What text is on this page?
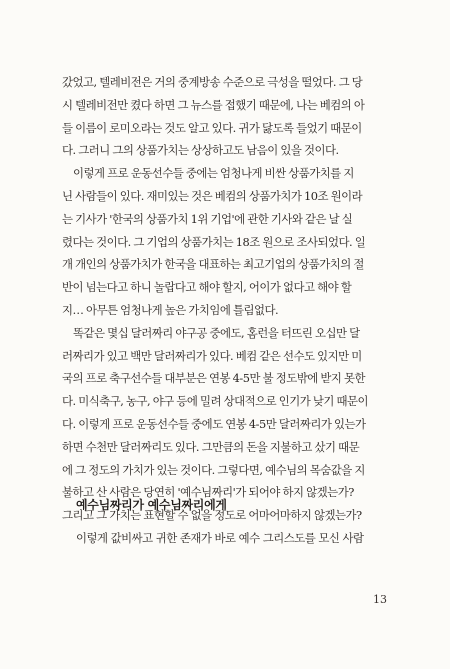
갔었고, 텔레비전은 거의 중계방송 수준으로 극성을 떨었다. 그 당
시 텔레비전만 켰다 하면 그 뉴스를 접했기 때문에, 나는 베컴의 아
들 이름이 로미오라는 것도 알고 있다. 귀가 닳도록 들었기 때문이
다. 그러니 그의 상품가치는 상상하고도 남음이 있을 것이다.

이렇게 프로 운동선수들 중에는 엄청나게 비싼 상품가치를 지
닌 사람들이 있다. 재미있는 것은 베컴의 상품가치가 10조 원이라
는 기사가 '한국의 상품가치 1위 기업'에 관한 기사와 같은 날 실
렸다는 것이다. 그 기업의 상품가치는 18조 원으로 조사되었다. 일
개 개인의 상품가치가 한국을 대표하는 최고기업의 상품가치의 절
반이 넘는다고 하니 놀랍다고 해야 할지, 어이가 없다고 해야 할
지… 아무튼 엄청나게 높은 가치임에 틀림없다.

똑같은 몇십 달러짜리 야구공 중에도, 홈런을 터뜨린 오십만 달
러짜리가 있고 백만 달러짜리가 있다. 베컴 같은 선수도 있지만 미
국의 프로 축구선수들 대부분은 연봉 4-5만 불 정도밖에 받지 못한
다. 미식축구, 농구, 야구 등에 밀려 상대적으로 인기가 낮기 때문이
다. 이렇게 프로 운동선수들 중에도 연봉 4-5만 달러짜리가 있는가
하면 수천만 달러짜리도 있다. 그만큼의 돈을 지불하고 샀기 때문
에 그 정도의 가치가 있는 것이다. 그렇다면, 예수님의 목숨값을 지
불하고 산 사람은 당연히 '예수님짜리'가 되어야 하지 않겠는가?
그리고 그 가치는 표현할 수 없을 정도로 어마어마하지 않겠는가?

예수님짜리가 예수님짜리에게
이렇게 값비싸고 귀한 존재가 바로 예수 그리스도를 모신 사람
13
